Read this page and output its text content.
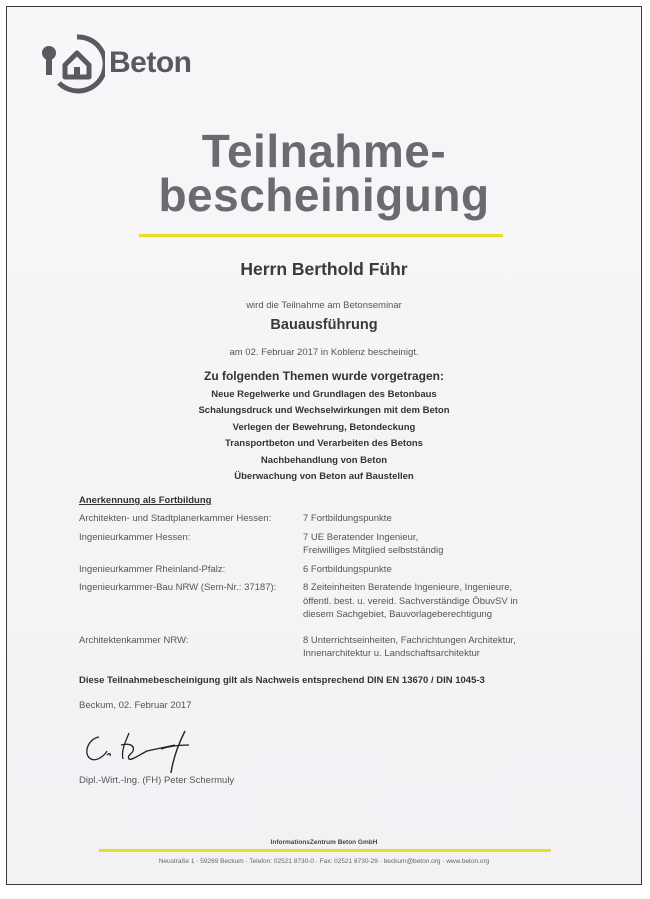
Beton
Teilnahme-
bescheinigung
Herrn Berthold Führ
wird die Teilnahme am Betonseminar
Bauausführung
am 02. Februar 2017 in Koblenz bescheinigt.
Zu folgenden Themen wurde vorgetragen:
Neue Regelwerke und Grundlagen des Betonbaus
Schalungsdruck und Wechselwirkungen mit dem Beton
Verlegen der Bewehrung, Betondeckung
Transportbeton und Verarbeiten des Betons
Nachbehandlung von Beton
Überwachung von Beton auf Baustellen
Anerkennung als Fortbildung
Architekten- und Stadtplanerkammer Hessen:	7 Fortbildungspunkte
Ingenieurkammer Hessen:	7 UE Beratender Ingenieur,
Freiwilliges Mitglied selbstständig
Ingenieurkammer Rheinland-Pfalz:	6 Fortbildungspunkte
Ingenieurkammer-Bau NRW (Sem-Nr.: 37187):	8 Zeiteinheiten Beratende Ingenieure, Ingenieure,
öffentl. best. u. vereid. Sachverständige ÖbuvSV in
diesem Sachgebiet, Bauvorlageberechtigung
Architektenkammer NRW:	8 Unterrichtseinheiten, Fachrichtungen Architektur,
Innenarchitektur u. Landschaftsarchitektur
Diese Teilnahmebescheinigung gilt als Nachweis entsprechend DIN EN 13670 / DIN 1045-3
Beckum, 02. Februar 2017
Dipl.-Wirt.-Ing. (FH) Peter Schermuly
InformationsZentrum Beton GmbH
Neustraße 1 · 59269 Beckum · Telefon: 02521 8730-0 · Fax: 02521 8730-29 · beckum@beton.org · www.beton.org
